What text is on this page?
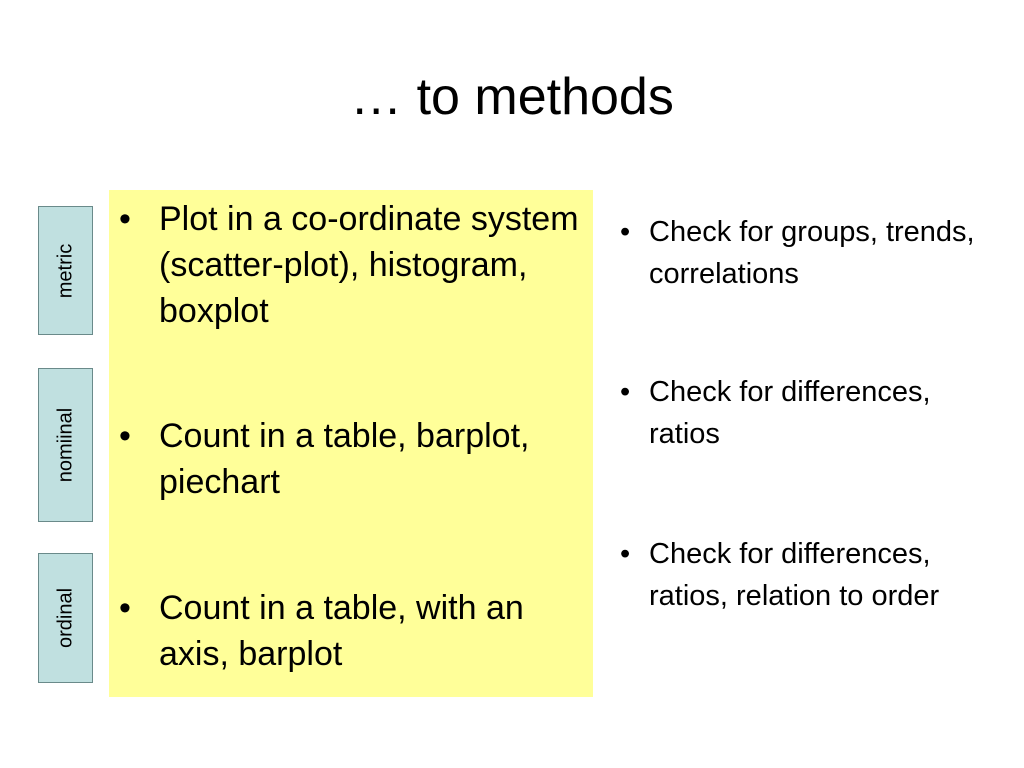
… to methods
metric
nomiinal
ordinal
• Plot in a co-ordinate system (scatter-plot), histogram, boxplot
• Count in a table, barplot, piechart
• Count in a table, with an axis, barplot
• Check for groups, trends, correlations
• Check for differences, ratios
• Check for differences, ratios, relation to order
